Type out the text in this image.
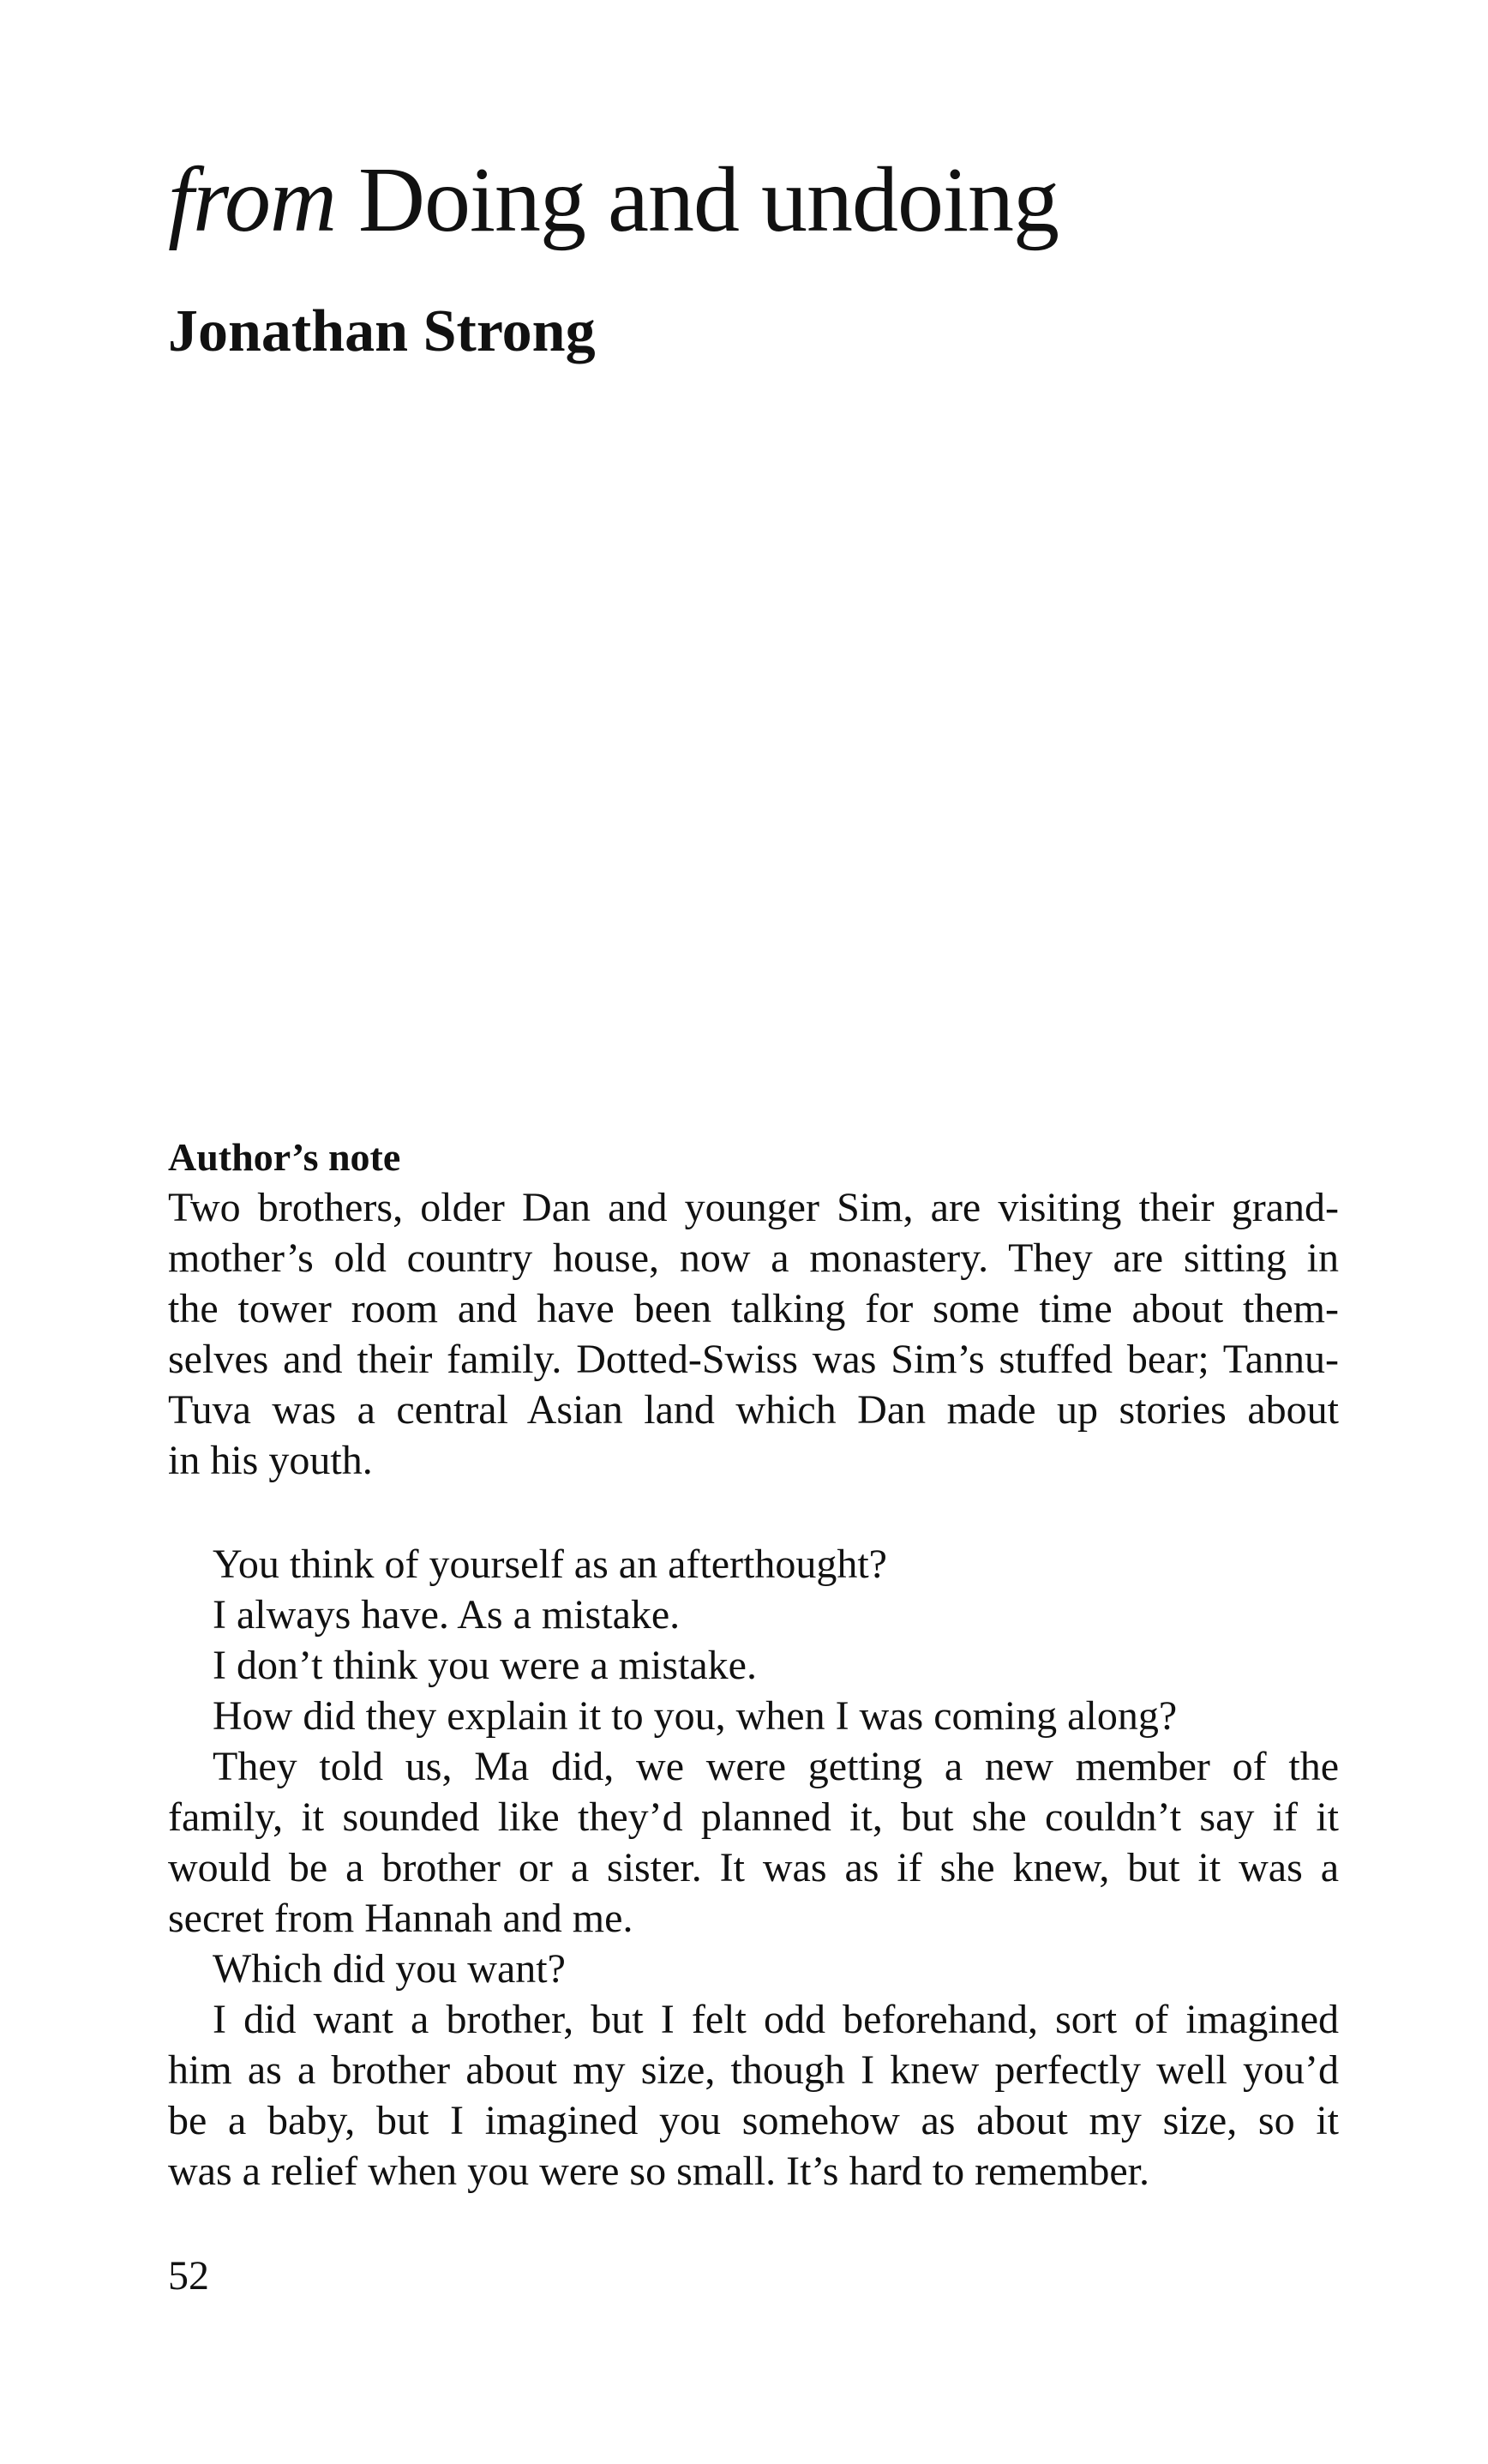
from Doing and undoing
Jonathan Strong
Author’s note
Two brothers, older Dan and younger Sim, are visiting their grand-
mother’s old country house, now a monastery. They are sitting in
the tower room and have been talking for some time about them-
selves and their family. Dotted-Swiss was Sim’s stuffed bear; Tannu-
Tuva was a central Asian land which Dan made up stories about
in his youth.
You think of yourself as an afterthought?
I always have. As a mistake.
I don’t think you were a mistake.
How did they explain it to you, when I was coming along?
They told us, Ma did, we were getting a new member of the
family, it sounded like they’d planned it, but she couldn’t say if it
would be a brother or a sister. It was as if she knew, but it was a
secret from Hannah and me.
Which did you want?
I did want a brother, but I felt odd beforehand, sort of imagined
him as a brother about my size, though I knew perfectly well you’d
be a baby, but I imagined you somehow as about my size, so it
was a relief when you were so small. It’s hard to remember.
52
